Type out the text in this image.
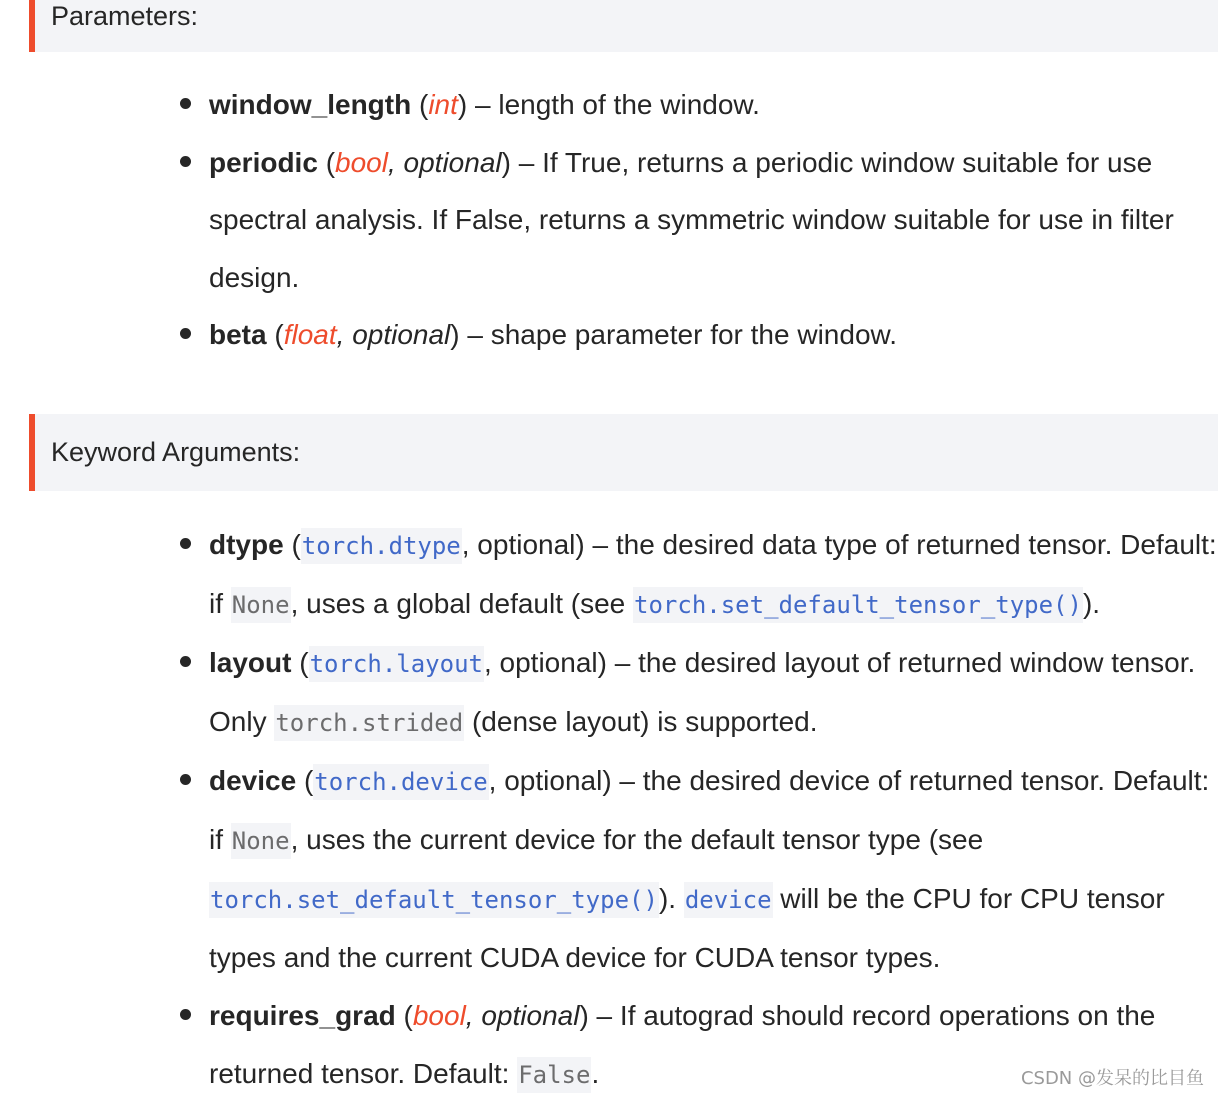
Parameters:
window_length (int) – length of the window.
periodic (bool, optional) – If True, returns a periodic window suitable for use spectral analysis. If False, returns a symmetric window suitable for use in filter design.
beta (float, optional) – shape parameter for the window.
Keyword Arguments:
dtype (torch.dtype, optional) – the desired data type of returned tensor. Default: if None, uses a global default (see torch.set_default_tensor_type()).
layout (torch.layout, optional) – the desired layout of returned window tensor. Only torch.strided (dense layout) is supported.
device (torch.device, optional) – the desired device of returned tensor. Default: if None, uses the current device for the default tensor type (see torch.set_default_tensor_type()). device will be the CPU for CPU tensor types and the current CUDA device for CUDA tensor types.
requires_grad (bool, optional) – If autograd should record operations on the returned tensor. Default: False.	CSDN @发呆的比目鱼
